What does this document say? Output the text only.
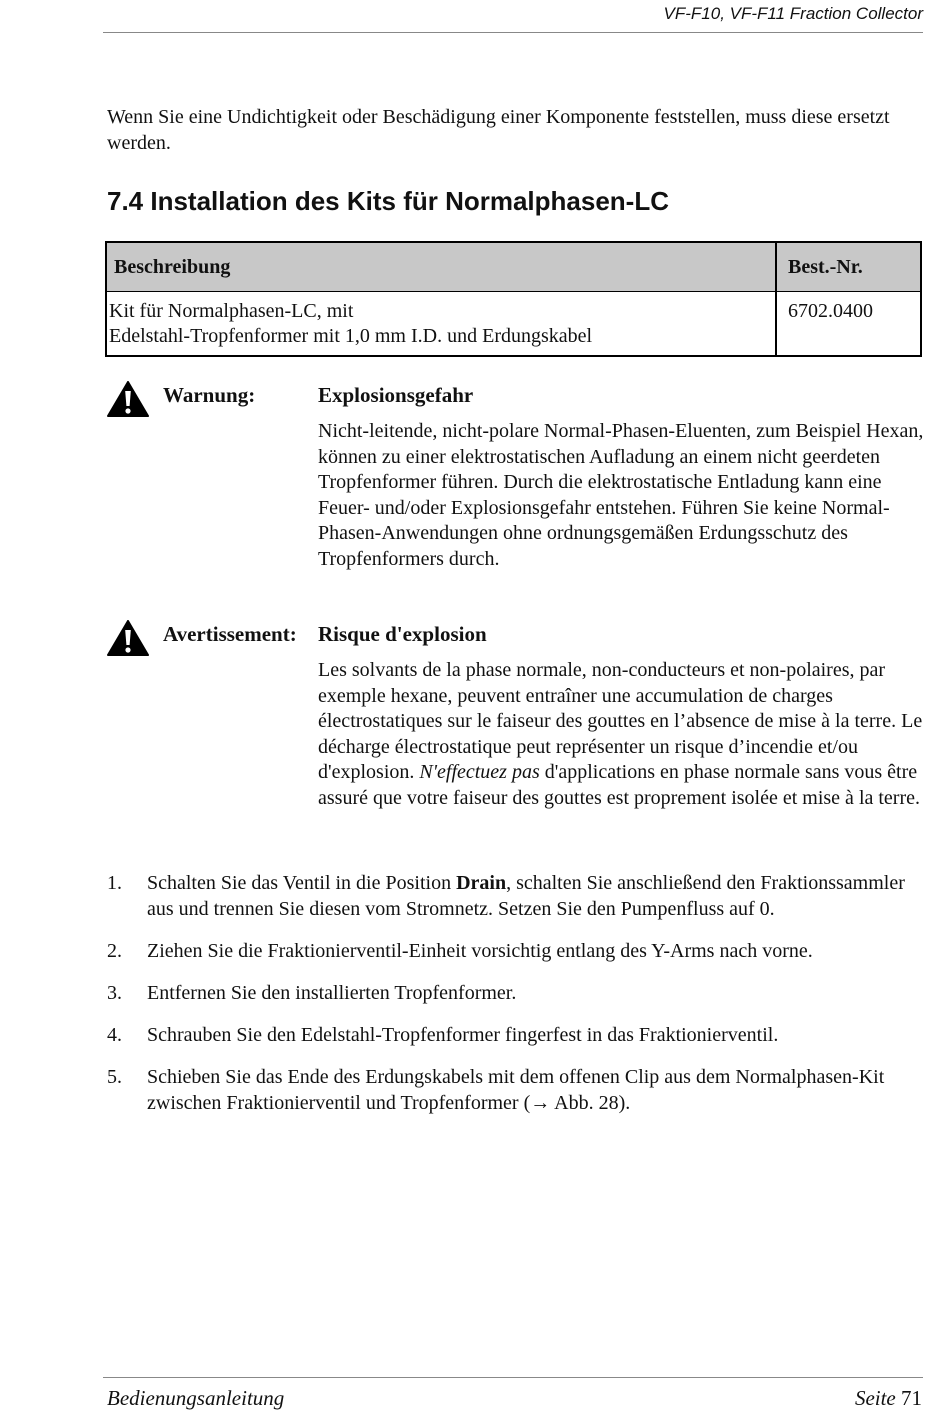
VF-F10, VF-F11 Fraction Collector

Wenn Sie eine Undichtigkeit oder Beschädigung einer Komponente feststellen, muss diese ersetzt werden.

7.4 Installation des Kits für Normalphasen-LC
Beschreibung	Best.-Nr.

Kit für Normalphasen-LC, mit
Edelstahl-Tropfenformer mit 1,0 mm I.D. und Erdungskabel	6702.0400
Warnung:	Explosionsgefahr
Nicht-leitende, nicht-polare Normal-Phasen-Eluenten, zum Beispiel Hexan, können zu einer elektrostatischen Aufladung an einem nicht geerdeten Tropfenformer führen. Durch die elektrostatische Entladung kann eine Feuer- und/oder Explosionsgefahr entstehen. Führen Sie keine Normal-Phasen-Anwendungen ohne ordnungsgemäßen Erdungsschutz des Tropfenformers durch.
Avertissement: Risque d'explosion
Les solvants de la phase normale, non-conducteurs et non-polaires, par exemple hexane, peuvent entraîner une accumulation de charges électrostatiques sur le faiseur des gouttes en l’absence de mise à la terre. Le décharge électrostatique peut représenter un risque d’incendie et/ou d'explosion. N'effectuez pas d'applications en phase normale sans vous être assuré que votre faiseur des gouttes est proprement isolée et mise à la terre.
1. Schalten Sie das Ventil in die Position Drain, schalten Sie anschließend den Fraktionssammler aus und trennen Sie diesen vom Stromnetz. Setzen Sie den Pumpenfluss auf 0.
2. Ziehen Sie die Fraktionierventil-Einheit vorsichtig entlang des Y-Arms nach vorne.
3. Entfernen Sie den installierten Tropfenformer.
4. Schrauben Sie den Edelstahl-Tropfenformer fingerfest in das Fraktionierventil.
5. Schieben Sie das Ende des Erdungskabels mit dem offenen Clip aus dem Normalphasen-Kit zwischen Fraktionierventil und Tropfenformer (→ Abb. 28).
Bedienungsanleitung	Seite 71
